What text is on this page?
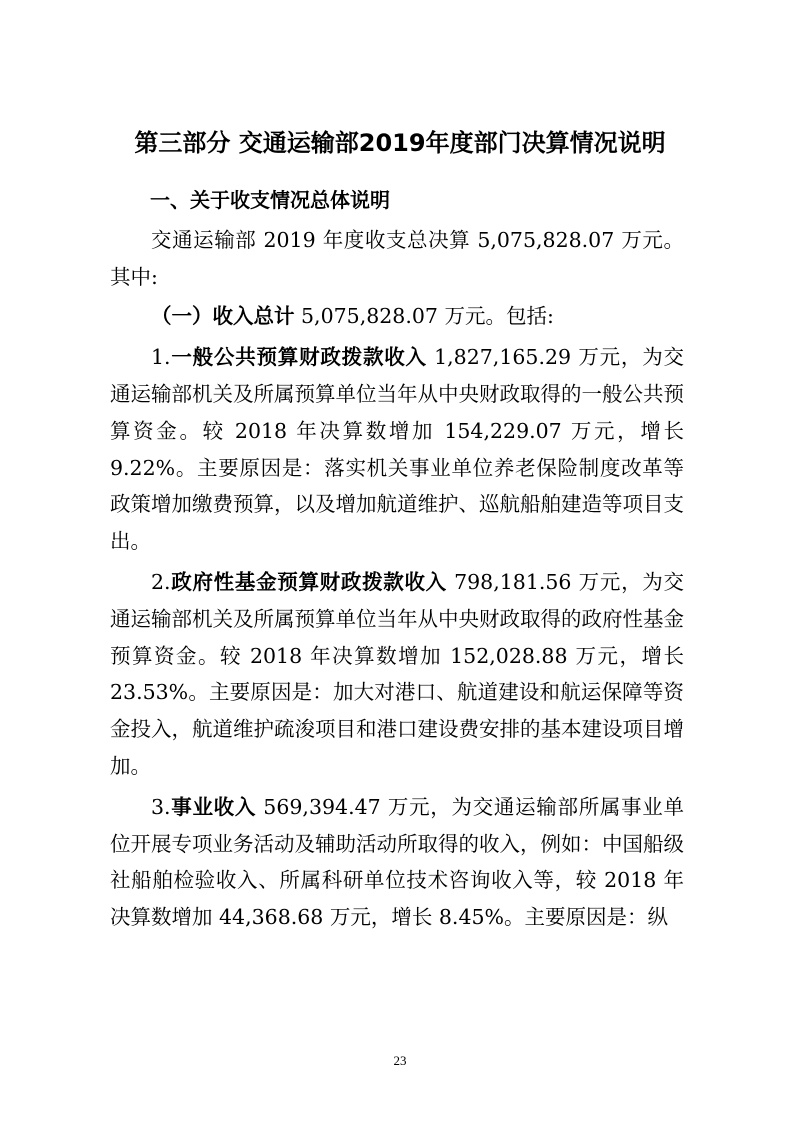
第三部分 交通运输部2019年度部门决算情况说明

一、关于收支情况总体说明

交通运输部 2019 年度收支总决算 5,075,828.07 万元。其中:

（一）收入总计 5,075,828.07 万元。包括:

1.一般公共预算财政拨款收入 1,827,165.29 万元，为交通运输部机关及所属预算单位当年从中央财政取得的一般公共预算资金。较 2018 年决算数增加 154,229.07 万元，增长 9.22%。主要原因是：落实机关事业单位养老保险制度改革等政策增加缴费预算，以及增加航道维护、巡航船舶建造等项目支出。

2.政府性基金预算财政拨款收入 798,181.56 万元，为交通运输部机关及所属预算单位当年从中央财政取得的政府性基金预算资金。较 2018 年决算数增加 152,028.88 万元，增长 23.53%。主要原因是：加大对港口、航道建设和航运保障等资金投入，航道维护疏浚项目和港口建设费安排的基本建设项目增加。

3.事业收入 569,394.47 万元，为交通运输部所属事业单位开展专项业务活动及辅助活动所取得的收入，例如：中国船级社船舶检验收入、所属科研单位技术咨询收入等，较 2018 年决算数增加 44,368.68 万元，增长 8.45%。主要原因是：纵

23
